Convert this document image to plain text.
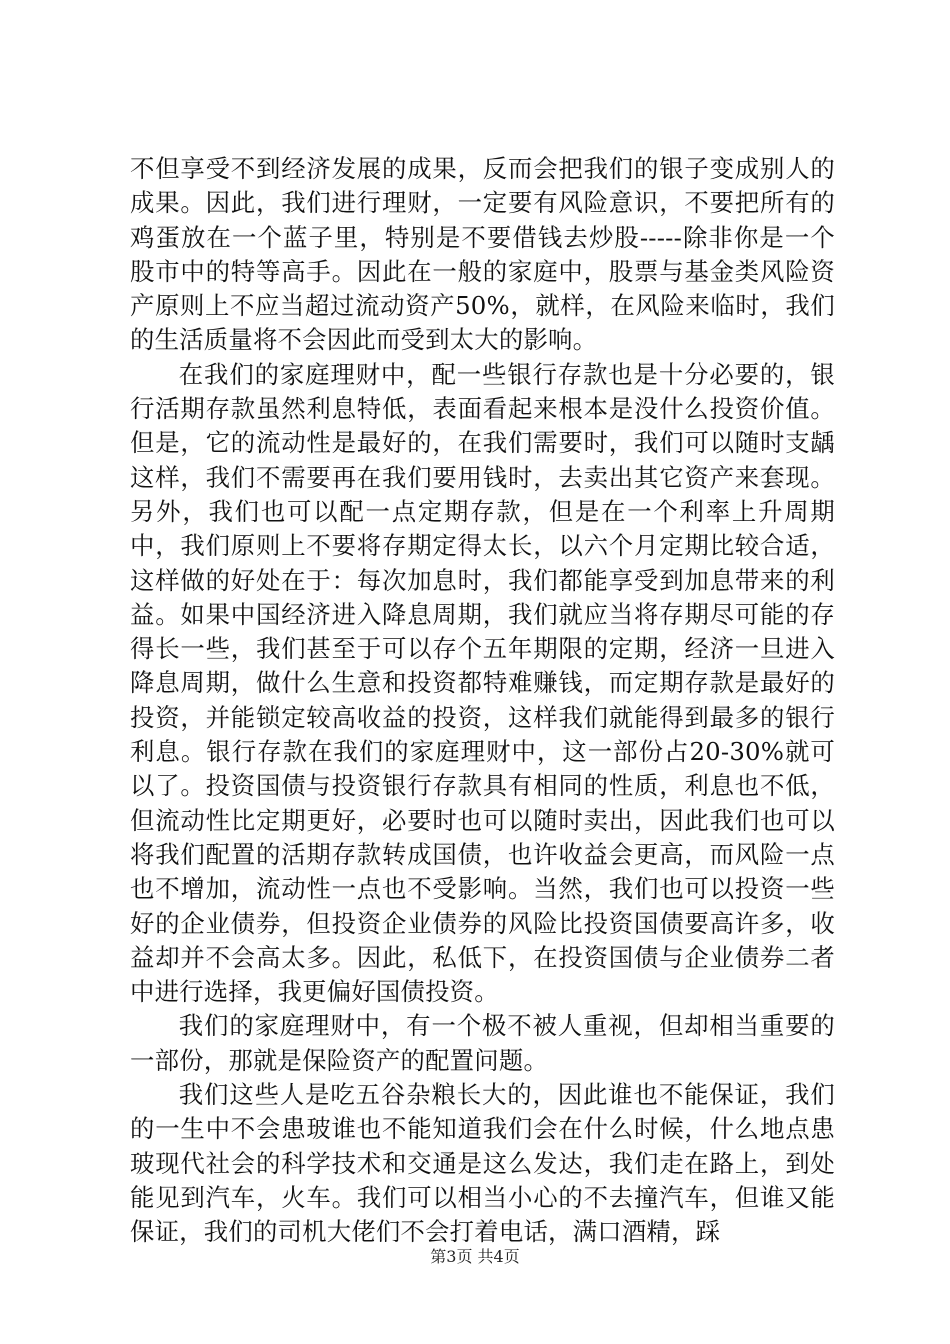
不但享受不到经济发展的成果，反而会把我们的银子变成别人的成果。因此，我们进行理财，一定要有风险意识，不要把所有的鸡蛋放在一个蓝子里，特别是不要借钱去炒股-----除非你是一个股市中的特等高手。因此在一般的家庭中，股票与基金类风险资产原则上不应当超过流动资产50%，就样，在风险来临时，我们的生活质量将不会因此而受到太大的影响。

在我们的家庭理财中，配一些银行存款也是十分必要的，银行活期存款虽然利息特低，表面看起来根本是没什么投资价值。但是，它的流动性是最好的，在我们需要时，我们可以随时支龋这样，我们不需要再在我们要用钱时，去卖出其它资产来套现。另外，我们也可以配一点定期存款，但是在一个利率上升周期中，我们原则上不要将存期定得太长，以六个月定期比较合适，这样做的好处在于：每次加息时，我们都能享受到加息带来的利益。如果中国经济进入降息周期，我们就应当将存期尽可能的存得长一些，我们甚至于可以存个五年期限的定期，经济一旦进入降息周期，做什么生意和投资都特难赚钱，而定期存款是最好的投资，并能锁定较高收益的投资，这样我们就能得到最多的银行利息。银行存款在我们的家庭理财中，这一部份占20-30%就可以了。投资国债与投资银行存款具有相同的性质，利息也不低，但流动性比定期更好，必要时也可以随时卖出，因此我们也可以将我们配置的活期存款转成国债，也许收益会更高，而风险一点也不增加，流动性一点也不受影响。当然，我们也可以投资一些好的企业债券，但投资企业债券的风险比投资国债要高许多，收益却并不会高太多。因此，私低下，在投资国债与企业债券二者中进行选择，我更偏好国债投资。

我们的家庭理财中，有一个极不被人重视，但却相当重要的一部份，那就是保险资产的配置问题。

我们这些人是吃五谷杂粮长大的，因此谁也不能保证，我们的一生中不会患玻谁也不能知道我们会在什么时候，什么地点患玻现代社会的科学技术和交通是这么发达，我们走在路上，到处能见到汽车，火车。我们可以相当小心的不去撞汽车，但谁又能保证，我们的司机大佬们不会打着电话，满口酒精，踩

第3页 共4页
